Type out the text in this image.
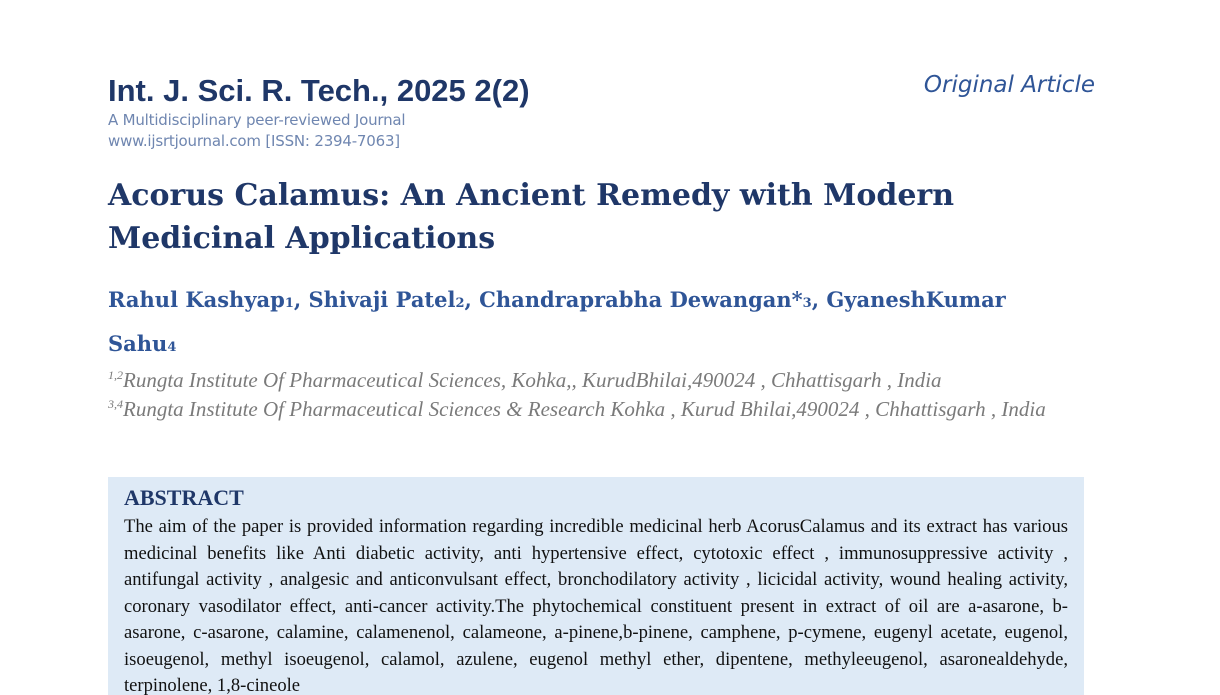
Int. J. Sci. R. Tech., 2025 2(2)	Original Article
A Multidisciplinary peer-reviewed Journal
www.ijsrtjournal.com [ISSN: 2394-7063]
Acorus Calamus: An Ancient Remedy with Modern Medicinal Applications
Rahul Kashyap1, Shivaji Patel2, Chandraprabha Dewangan*3, GyaneshKumar Sahu4
$^{1,2}$Rungta Institute Of Pharmaceutical Sciences, Kohka,, KurudBhilai,490024 , Chhattisgarh , India
$^{3,4}$Rungta Institute Of Pharmaceutical Sciences & Research Kohka , Kurud Bhilai,490024 , Chhattisgarh , India
ABSTRACT

The aim of the paper is provided information regarding incredible medicinal herb AcorusCalamus and its extract has various medicinal benefits like Anti diabetic activity, anti hypertensive effect, cytotoxic effect , immunosuppressive activity , antifungal activity , analgesic and anticonvulsant effect, bronchodilatory activity , licicidal activity, wound healing activity, coronary vasodilator effect, anti-cancer activity.The phytochemical constituent present in extract of oil are a-asarone, b-asarone, c-asarone, calamine, calamenenol, calameone, a-pinene,b-pinene, camphene, p-cymene, eugenyl acetate, eugenol, isoeugenol, methyl isoeugenol, calamol, azulene, eugenol methyl ether, dipentene, methyleeugenol, asaronealdehyde, terpinolene, 1,8-cineole
